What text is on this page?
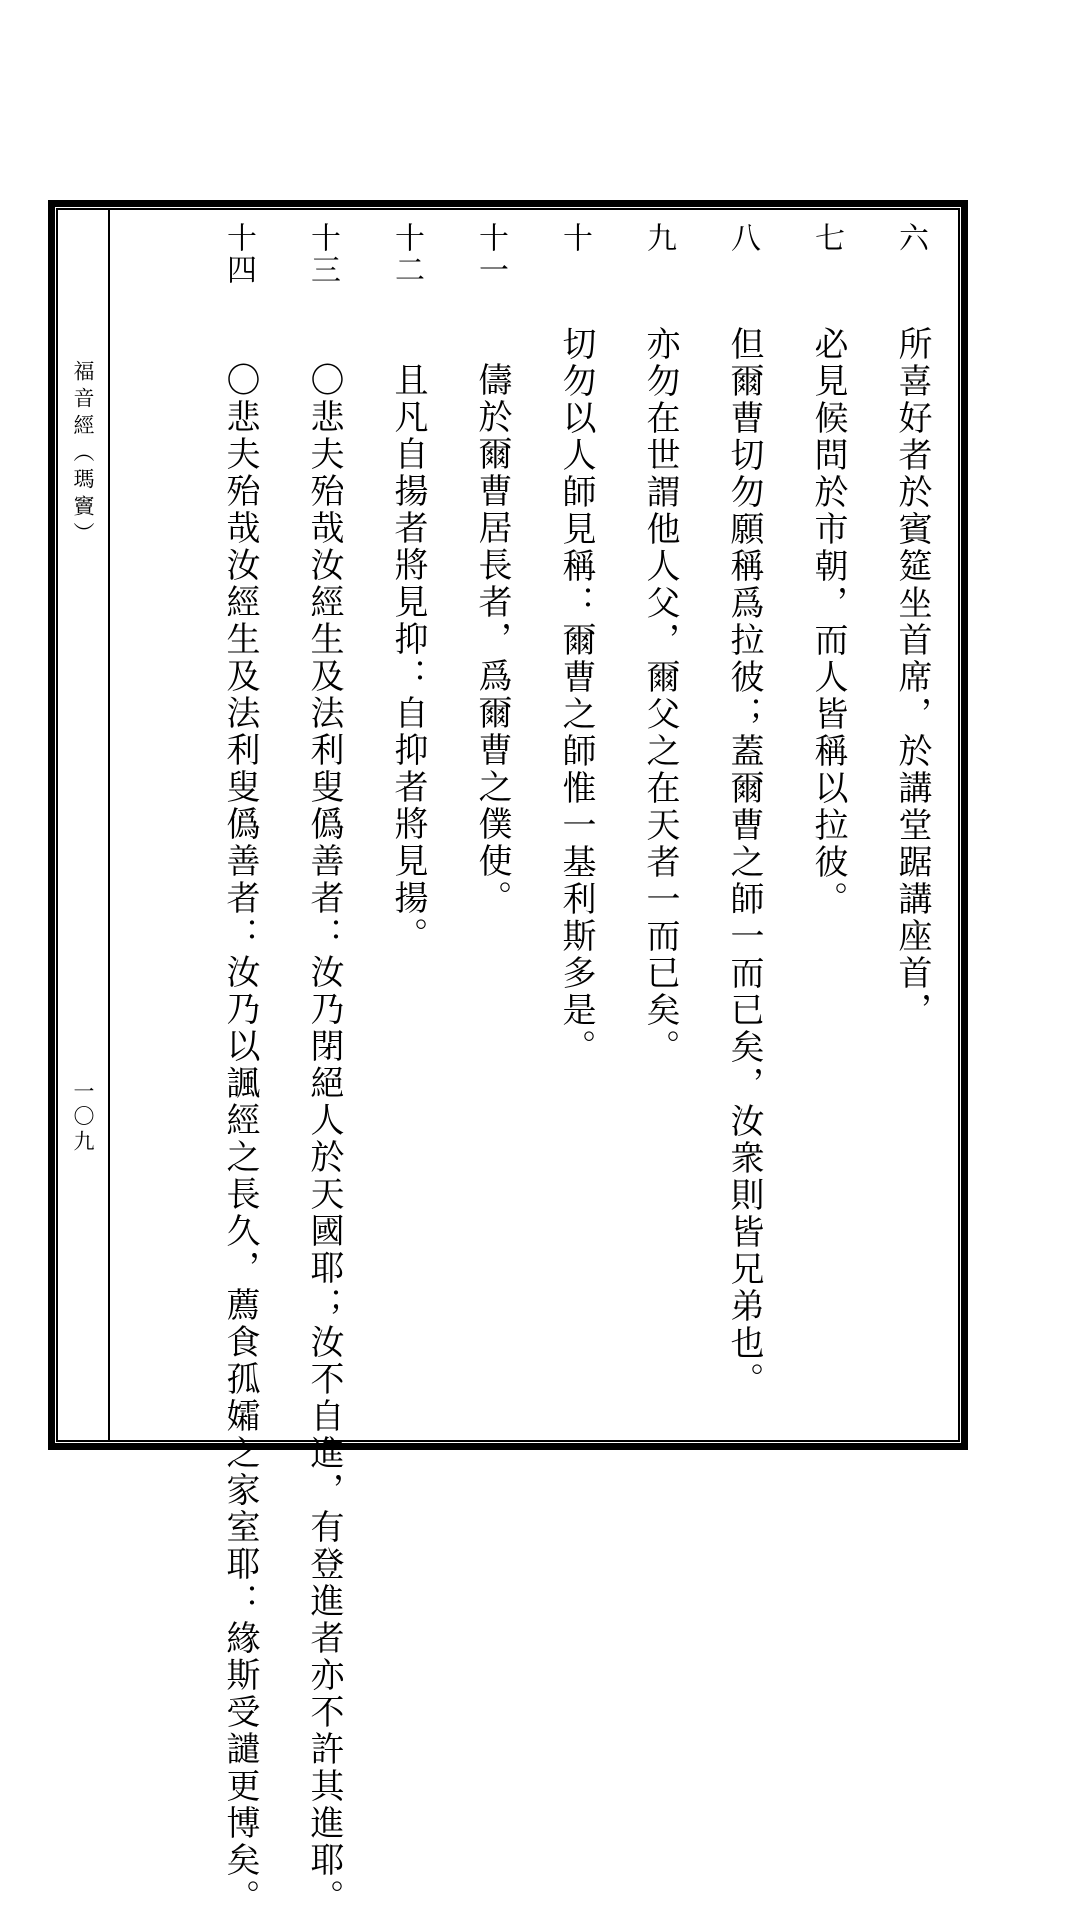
福音經（瑪竇）
一〇九
六
所喜好者於賓筵坐首席，於講堂踞講座首，
七
必見候問於市朝，而人皆稱以拉彼。
八
但爾曹切勿願稱爲拉彼；蓋爾曹之師一而已矣，汝衆則皆兄弟也。
九
亦勿在世謂他人父，爾父之在天者一而已矣。
十
切勿以人師見稱：爾曹之師惟一基利斯多是。
十一
儔於爾曹居長者，爲爾曹之僕使。
十二
且凡自揚者將見抑：自抑者將見揚。
十三
〇悲夫殆哉汝經生及法利叟僞善者：汝乃閉絕人於天國耶；汝不自進，有登進者亦不許其進耶。
十四
〇悲夫殆哉汝經生及法利叟僞善者：汝乃以諷經之長久，薦食孤孀之家室耶：緣斯受譴更博矣。
